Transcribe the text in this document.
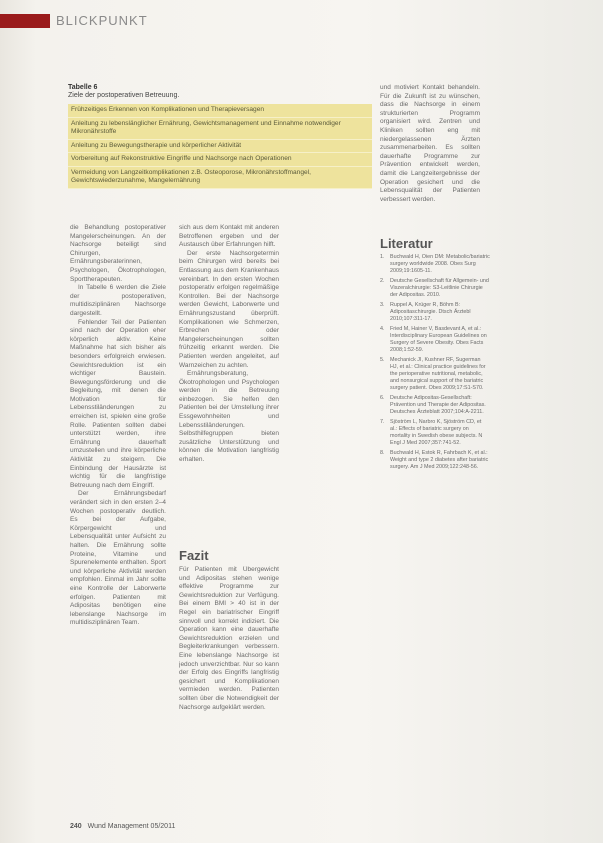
BLICKPUNKT
Tabelle 6
Ziele der postoperativen Betreuung.
Frühzeitiges Erkennen von Komplikationen und Therapieversagen
Anleitung zu lebenslänglicher Ernährung, Gewichtsmanagement und Einnahme notwendiger Mikronährstoffe
Anleitung zu Bewegungstherapie und körperlicher Aktivität
Vorbereitung auf Rekonstruktive Eingriffe und Nachsorge nach Operationen
Vermeidung von Langzeitkomplikationen z.B. Osteoporose, Mikronährstoffmangel, Gewichtswiederzunahme, Mangelernährung

die Behandlung postoperativer Mangelerscheinungen. An der Nachsorge beteiligt sind Chirurgen, Ernährungsberaterinnen, Psychologen, Ökotrophologen, Sporttherapeuten.

In Tabelle 6 werden die Ziele der postoperativen, multidisziplinären Nachsorge dargestellt.

Fehlender Teil der Patienten sind nach der Operation eher körperlich aktiv. Keine Maßnahme hat sich bisher als besonders erfolgreich erwiesen. Gewichtsreduktion ist ein wichtiger Baustein. Bewegungsförderung und die Begleitung, mit denen die Motivation für Lebensstiländerungen zu erreichen ist, spielen eine große Rolle. Patienten sollten dabei unterstützt werden, ihre Ernährung dauerhaft umzustellen und ihre körperliche Aktivität zu steigern. Die Einbindung der Hausärzte ist wichtig für die langfristige Betreuung nach dem Eingriff.

Der Ernährungsbedarf verändert sich in den ersten 2–4 Wochen postoperativ deutlich. Es bei der Aufgabe, Körpergewicht und Lebensqualität unter Aufsicht zu halten. Die Ernährung sollte Proteine, Vitamine und Spurenelemente enthalten. Sport und körperliche Aktivität werden empfohlen. Einmal im Jahr sollte eine Kontrolle der Laborwerte erfolgen. Patienten mit Adipositas benötigen eine lebenslange Nachsorge im multidisziplinären Team.

sich aus dem Kontakt mit anderen Betroffenen ergeben und der Austausch über Erfahrungen hilft.

Der erste Nachsorgetermin beim Chirurgen wird bereits bei Entlassung aus dem Krankenhaus vereinbart. In den ersten Wochen postoperativ erfolgen regelmäßige Kontrollen. Bei der Nachsorge werden Gewicht, Laborwerte und Ernährungszustand überprüft. Komplikationen wie Schmerzen, Erbrechen oder Mangelerscheinungen sollten frühzeitig erkannt werden. Die Patienten werden angeleitet, auf Warnzeichen zu achten.

Ernährungsberatung, Ökotrophologen und Psychologen werden in die Betreuung einbezogen. Sie helfen den Patienten bei der Umstellung ihrer Essgewohnheiten und Lebensstiländerungen. Selbsthilfegruppen bieten zusätzliche Unterstützung und können die Motivation langfristig erhalten.

Fazit

Für Patienten mit Übergewicht und Adipositas stehen wenige effektive Programme zur Gewichtsreduktion zur Verfügung. Bei einem BMI > 40 ist in der Regel ein bariatrischer Eingriff sinnvoll und korrekt indiziert. Die Operation kann eine dauerhafte Gewichtsreduktion erzielen und Begleiterkrankungen verbessern. Eine lebenslange Nachsorge ist jedoch unverzichtbar. Nur so kann der Erfolg des Eingriffs langfristig gesichert und Komplikationen vermieden werden. Patienten sollten über die Notwendigkeit der Nachsorge aufgeklärt werden.

und motiviert Kontakt behandeln. Für die Zukunft ist zu wünschen, dass die Nachsorge in einem strukturierten Programm organisiert wird. Zentren und Kliniken sollten eng mit niedergelassenen Ärzten zusammenarbeiten. Es sollten dauerhafte Programme zur Prävention entwickelt werden, damit die Langzeitergebnisse der Operation gesichert und die Lebensqualität der Patienten verbessert werden.

Literatur
1.	Buchwald H, Oien DM: Metabolic/bariatric surgery worldwide 2008. Obes Surg 2009;19:1605-11.
2.	Deutsche Gesellschaft für Allgemein- und Viszeralchirurgie: S3-Leitlinie Chirurgie der Adipositas. 2010.
3.	Ruppel A, Krüger R, Böhm B: Adipositaschirurgie. Dtsch Ärztebl 2010;107:311-17.
4.	Fried M, Hainer V, Basdevant A, et al.: Interdisciplinary European Guidelines on Surgery of Severe Obesity. Obes Facts 2008;1:52-59.
5.	Mechanick JI, Kushner RF, Sugerman HJ, et al.: Clinical practice guidelines for the perioperative nutritional, metabolic, and nonsurgical support of the bariatric surgery patient. Obes 2009;17:S1-S70.
6.	Deutsche Adipositas-Gesellschaft: Prävention und Therapie der Adipositas. Deutsches Ärzteblatt 2007;104:A-2211.
7.	Sjöström L, Narbro K, Sjöström CD, et al.: Effects of bariatric surgery on mortality in Swedish obese subjects. N Engl J Med 2007;357:741-52.
8.	Buchwald H, Estok R, Fahrbach K, et al.: Weight and type 2 diabetes after bariatric surgery. Am J Med 2009;122:248-56.
240 Wund Management 05/2011
